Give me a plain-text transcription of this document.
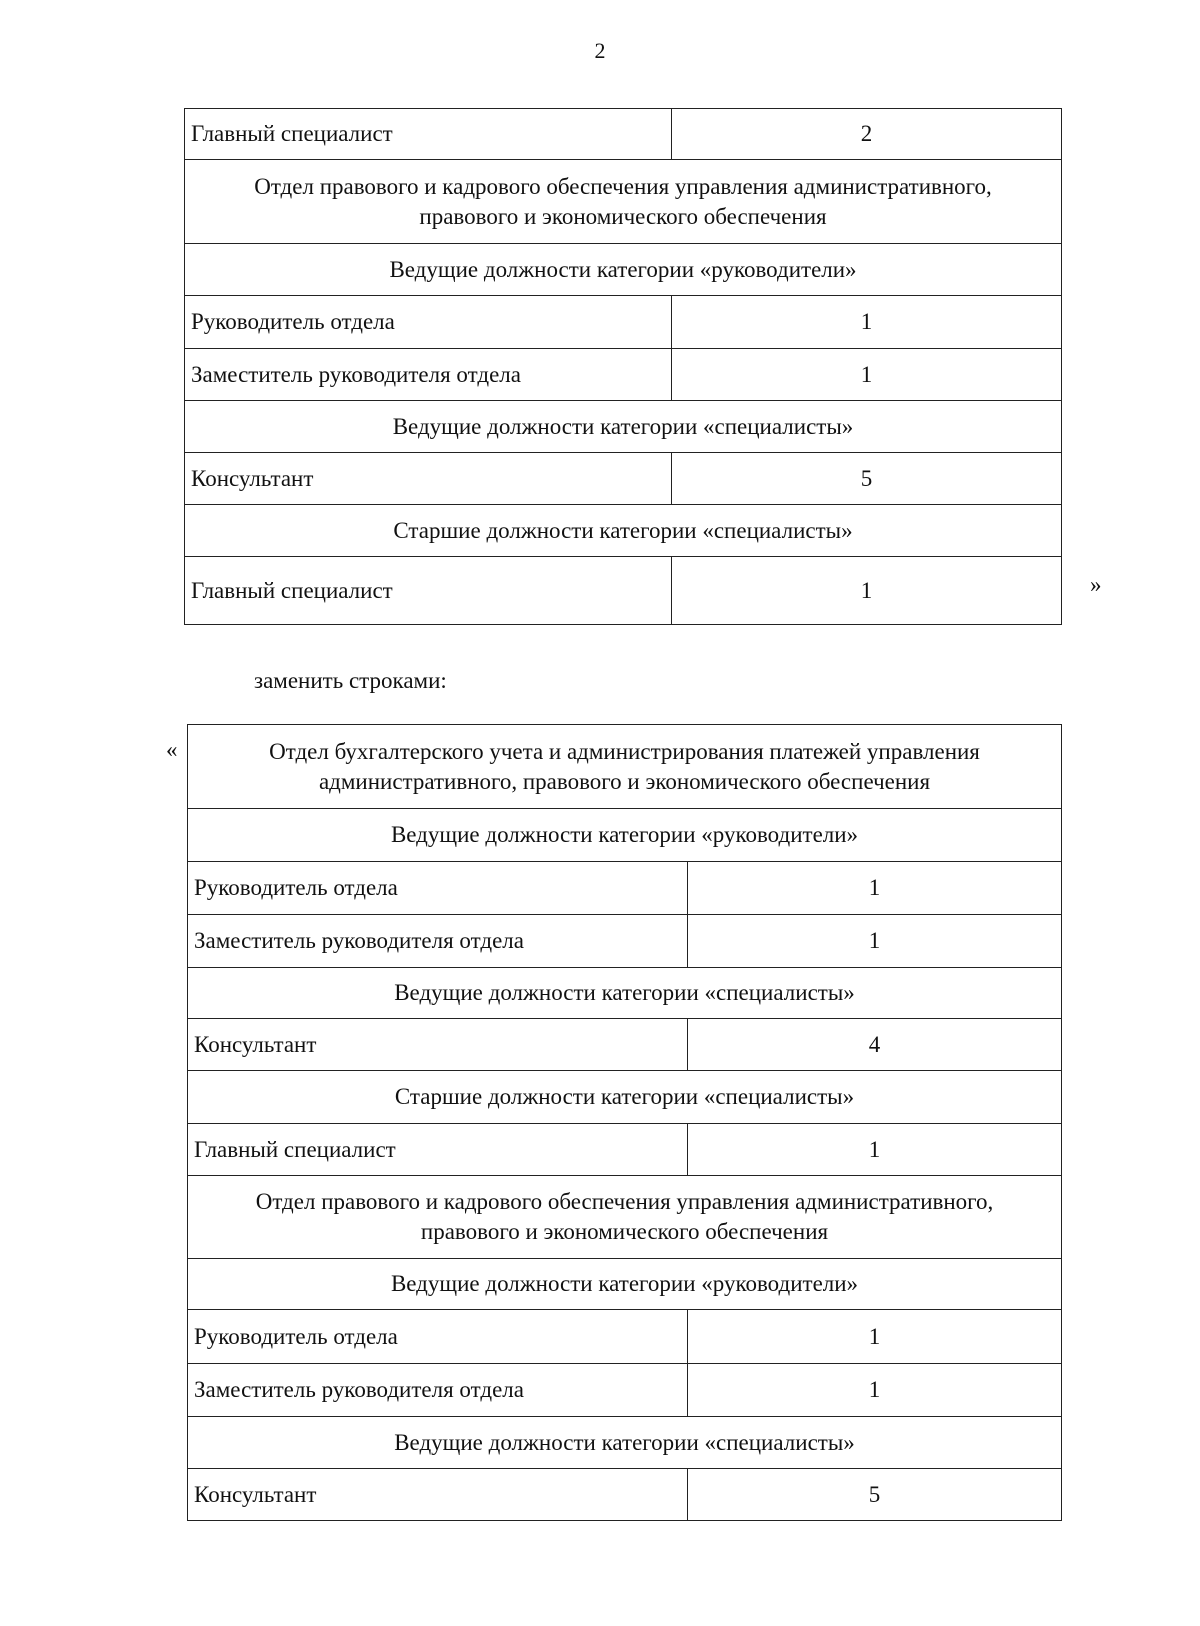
2
Главный специалист	2
Отдел правового и кадрового обеспечения управления административного, правового и экономического обеспечения	
Ведущие должности категории «руководители»	
Руководитель отдела	1
Заместитель руководителя отдела	1
Ведущие должности категории «специалисты»	
Консультант	5
Старшие должности категории «специалисты»	
Главный специалист	1	»
заменить строками:
«	Отдел бухгалтерского учета и администрирования платежей управления административного, правового и экономического обеспечения	
Ведущие должности категории «руководители»	
Руководитель отдела	1
Заместитель руководителя отдела	1
Ведущие должности категории «специалисты»	
Консультант	4
Старшие должности категории «специалисты»	
Главный специалист	1
Отдел правового и кадрового обеспечения управления административного, правового и экономического обеспечения	
Ведущие должности категории «руководители»	
Руководитель отдела	1
Заместитель руководителя отдела	1
Ведущие должности категории «специалисты»	
Консультант	5
